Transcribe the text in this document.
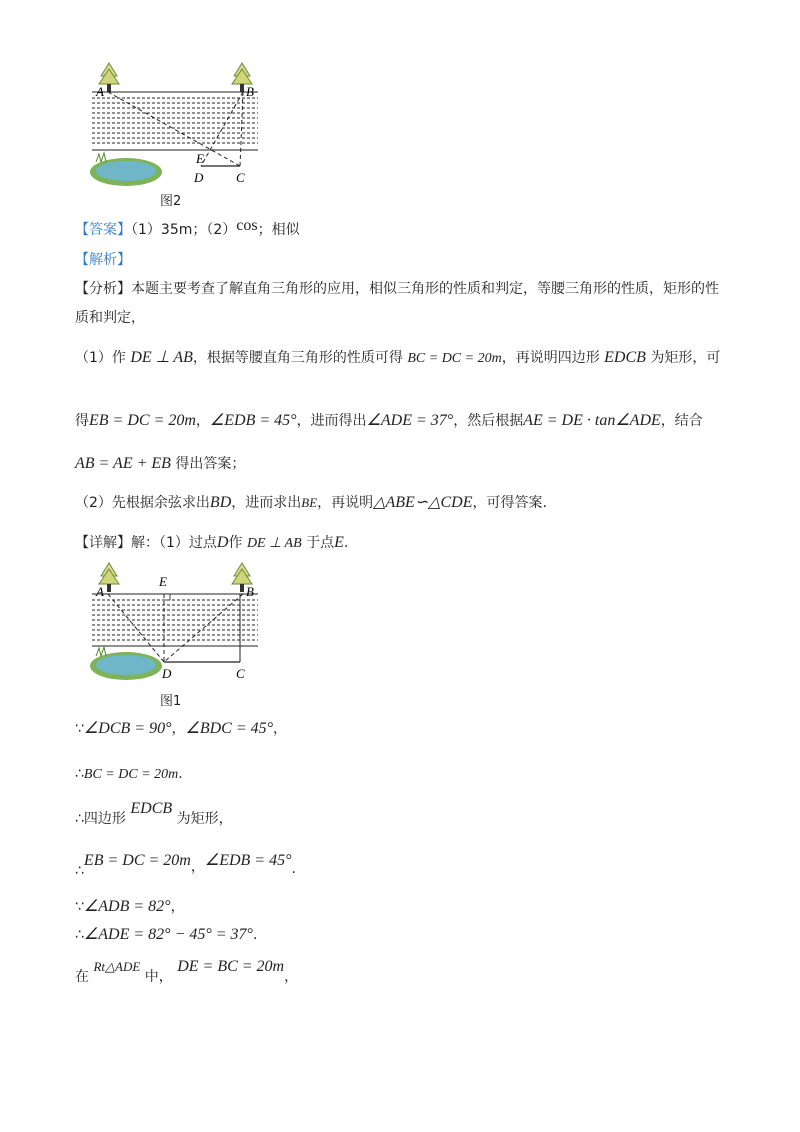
A	B
E
D	C
图2
【答案】（1）35m；（2）cos；相似
【解析】
【分析】本题主要考查了解直角三角形的应用，相似三角形的性质和判定，等腰三角形的性质，矩形的性
质和判定，
（1）作 DE ⊥ AB，根据等腰直角三角形的性质可得 BC = DC = 20m，再说明四边形 EDCB 为矩形，可
得EB = DC = 20m，∠EDB = 45°，进而得出∠ADE = 37°，然后根据AE = DE · tan∠ADE，结合
AB = AE + EB 得出答案；
（2）先根据余弦求出BD，进而求出BE，再说明△ABE∽△CDE，可得答案.
【详解】解：（1）过点D作 DE ⊥ AB 于点E.
A	B
E
D	C
图1
∵∠DCB = 90°，∠BDC = 45°，
∴BC = DC = 20m.
∴四边形 EDCB 为矩形，
∴EB = DC = 20m，∠EDB = 45°.
∵∠ADB = 82°，
∴∠ADE = 82° − 45° = 37°.
在 Rt△ADE 中， DE = BC = 20m，
